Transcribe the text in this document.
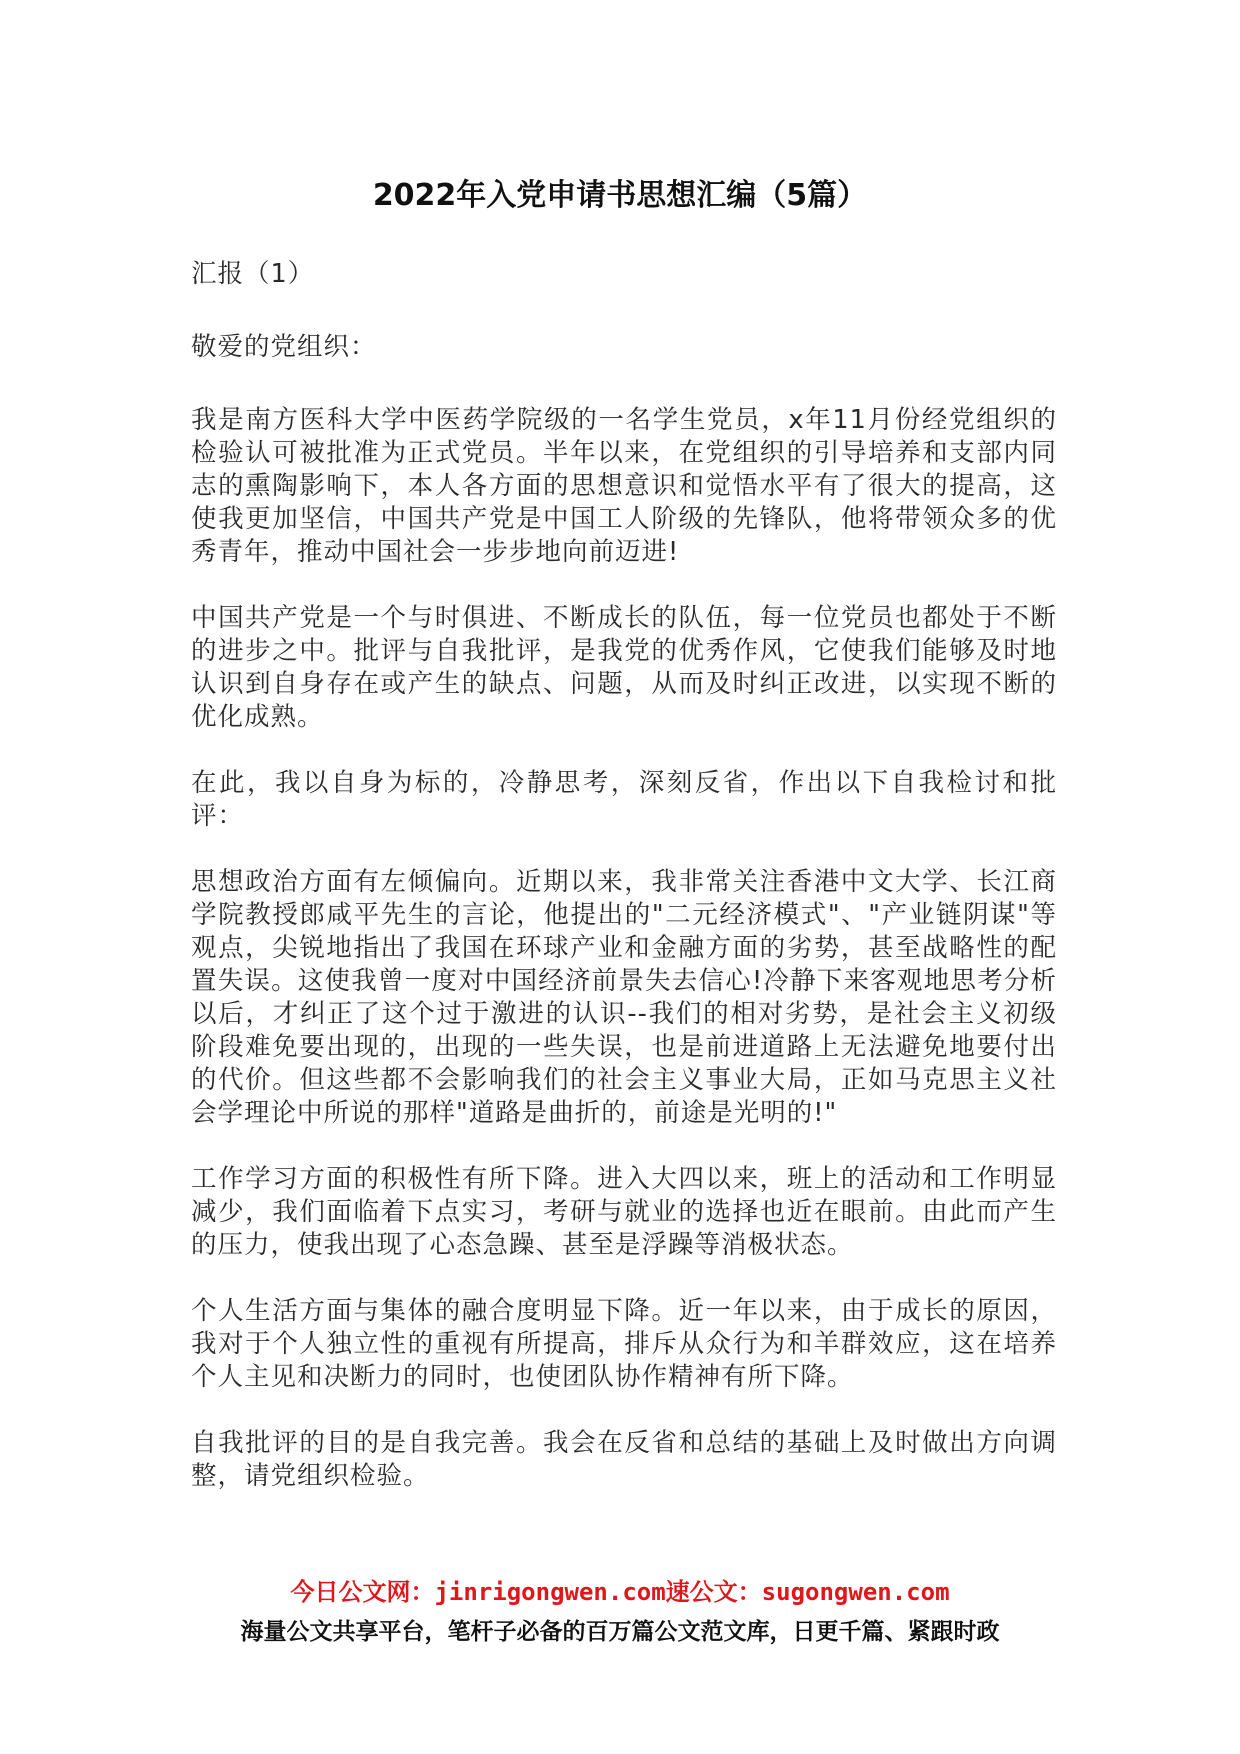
2022年入党申请书思想汇编（5篇）

汇报（1）

敬爱的党组织：

我是南方医科大学中医药学院级的一名学生党员，x年11月份经党组织的检验认可被批准为正式党员。半年以来，在党组织的引导培养和支部内同志的熏陶影响下，本人各方面的思想意识和觉悟水平有了很大的提高，这使我更加坚信，中国共产党是中国工人阶级的先锋队，他将带领众多的优秀青年，推动中国社会一步步地向前迈进!

中国共产党是一个与时俱进、不断成长的队伍，每一位党员也都处于不断的进步之中。批评与自我批评，是我党的优秀作风，它使我们能够及时地认识到自身存在或产生的缺点、问题，从而及时纠正改进，以实现不断的优化成熟。

在此，我以自身为标的，冷静思考，深刻反省，作出以下自我检讨和批评：

思想政治方面有左倾偏向。近期以来，我非常关注香港中文大学、长江商学院教授郎咸平先生的言论，他提出的"二元经济模式"、"产业链阴谋"等观点，尖锐地指出了我国在环球产业和金融方面的劣势，甚至战略性的配置失误。这使我曾一度对中国经济前景失去信心!冷静下来客观地思考分析以后，才纠正了这个过于激进的认识--我们的相对劣势，是社会主义初级阶段难免要出现的，出现的一些失误，也是前进道路上无法避免地要付出的代价。但这些都不会影响我们的社会主义事业大局，正如马克思主义社会学理论中所说的那样"道路是曲折的，前途是光明的!"

工作学习方面的积极性有所下降。进入大四以来，班上的活动和工作明显减少，我们面临着下点实习，考研与就业的选择也近在眼前。由此而产生的压力，使我出现了心态急躁、甚至是浮躁等消极状态。

个人生活方面与集体的融合度明显下降。近一年以来，由于成长的原因，我对于个人独立性的重视有所提高，排斥从众行为和羊群效应，这在培养个人主见和决断力的同时，也使团队协作精神有所下降。

自我批评的目的是自我完善。我会在反省和总结的基础上及时做出方向调整，请党组织检验。

今日公文网：jinrigongwen.com速公文：sugongwen.com
海量公文共享平台，笔杆子必备的百万篇公文范文库，日更千篇、紧跟时政
